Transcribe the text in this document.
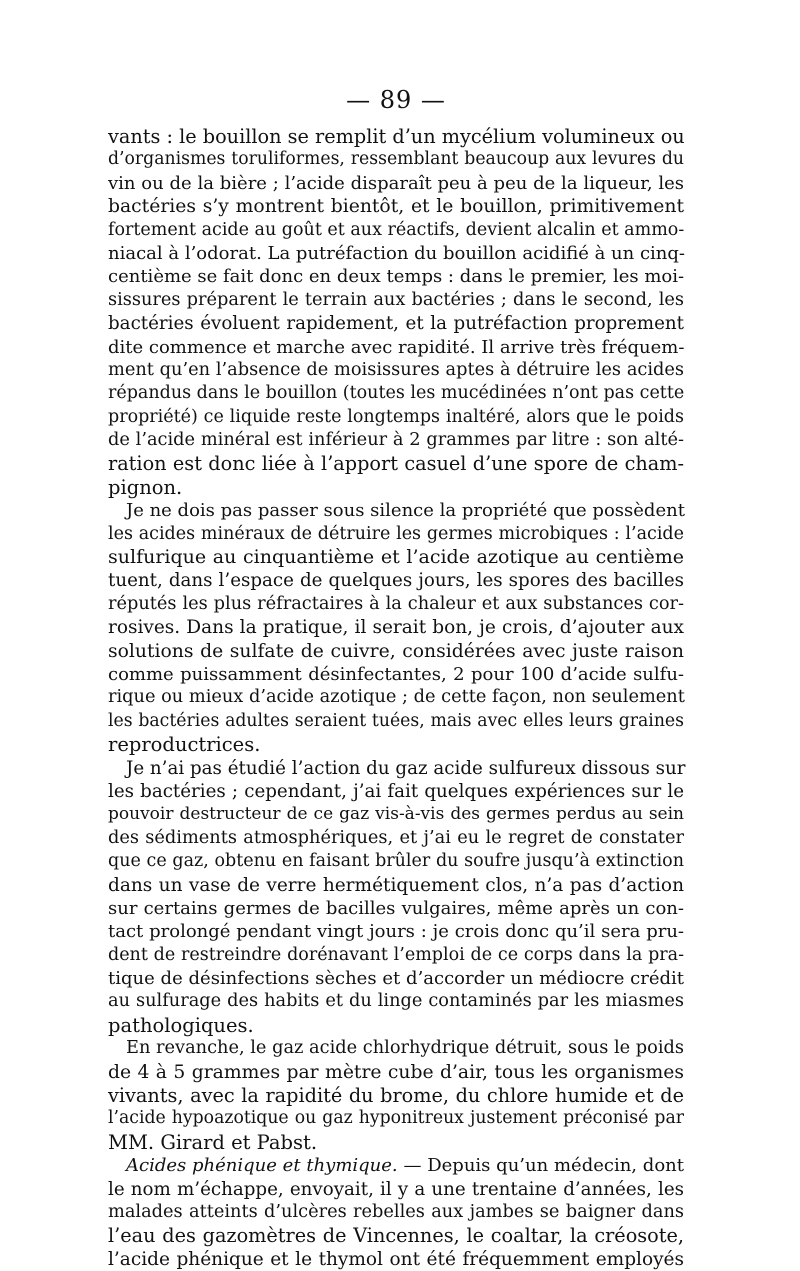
— 89 —
vants : le bouillon se remplit d’un mycélium volumineux ou
d’organismes toruliformes, ressemblant beaucoup aux levures du
vin ou de la bière ; l’acide disparaît peu à peu de la liqueur, les
bactéries s’y montrent bientôt, et le bouillon, primitivement
fortement acide au goût et aux réactifs, devient alcalin et ammo-
niacal à l’odorat. La putréfaction du bouillon acidifié à un cinq-
centième se fait donc en deux temps : dans le premier, les moi-
sissures préparent le terrain aux bactéries ; dans le second, les
bactéries évoluent rapidement, et la putréfaction proprement
dite commence et marche avec rapidité. Il arrive très fréquem-
ment qu’en l’absence de moisissures aptes à détruire les acides
répandus dans le bouillon (toutes les mucédinées n’ont pas cette
propriété) ce liquide reste longtemps inaltéré, alors que le poids
de l’acide minéral est inférieur à 2 grammes par litre : son alté-
ration est donc liée à l’apport casuel d’une spore de cham-
pignon.
Je ne dois pas passer sous silence la propriété que possèdent
les acides minéraux de détruire les germes microbiques : l’acide
sulfurique au cinquantième et l’acide azotique au centième
tuent, dans l’espace de quelques jours, les spores des bacilles
réputés les plus réfractaires à la chaleur et aux substances cor-
rosives. Dans la pratique, il serait bon, je crois, d’ajouter aux
solutions de sulfate de cuivre, considérées avec juste raison
comme puissamment désinfectantes, 2 pour 100 d’acide sulfu-
rique ou mieux d’acide azotique ; de cette façon, non seulement
les bactéries adultes seraient tuées, mais avec elles leurs graines
reproductrices.
Je n’ai pas étudié l’action du gaz acide sulfureux dissous sur
les bactéries ; cependant, j’ai fait quelques expériences sur le
pouvoir destructeur de ce gaz vis-à-vis des germes perdus au sein
des sédiments atmosphériques, et j’ai eu le regret de constater
que ce gaz, obtenu en faisant brûler du soufre jusqu’à extinction
dans un vase de verre hermétiquement clos, n’a pas d’action
sur certains germes de bacilles vulgaires, même après un con-
tact prolongé pendant vingt jours : je crois donc qu’il sera pru-
dent de restreindre dorénavant l’emploi de ce corps dans la pra-
tique de désinfections sèches et d’accorder un médiocre crédit
au sulfurage des habits et du linge contaminés par les miasmes
pathologiques.
En revanche, le gaz acide chlorhydrique détruit, sous le poids
de 4 à 5 grammes par mètre cube d’air, tous les organismes
vivants, avec la rapidité du brome, du chlore humide et de
l’acide hypoazotique ou gaz hyponitreux justement préconisé par
MM. Girard et Pabst.
Acides phénique et thymique. — Depuis qu’un médecin, dont
le nom m’échappe, envoyait, il y a une trentaine d’années, les
malades atteints d’ulcères rebelles aux jambes se baigner dans
l’eau des gazomètres de Vincennes, le coaltar, la créosote,
l’acide phénique et le thymol ont été fréquemment employés
